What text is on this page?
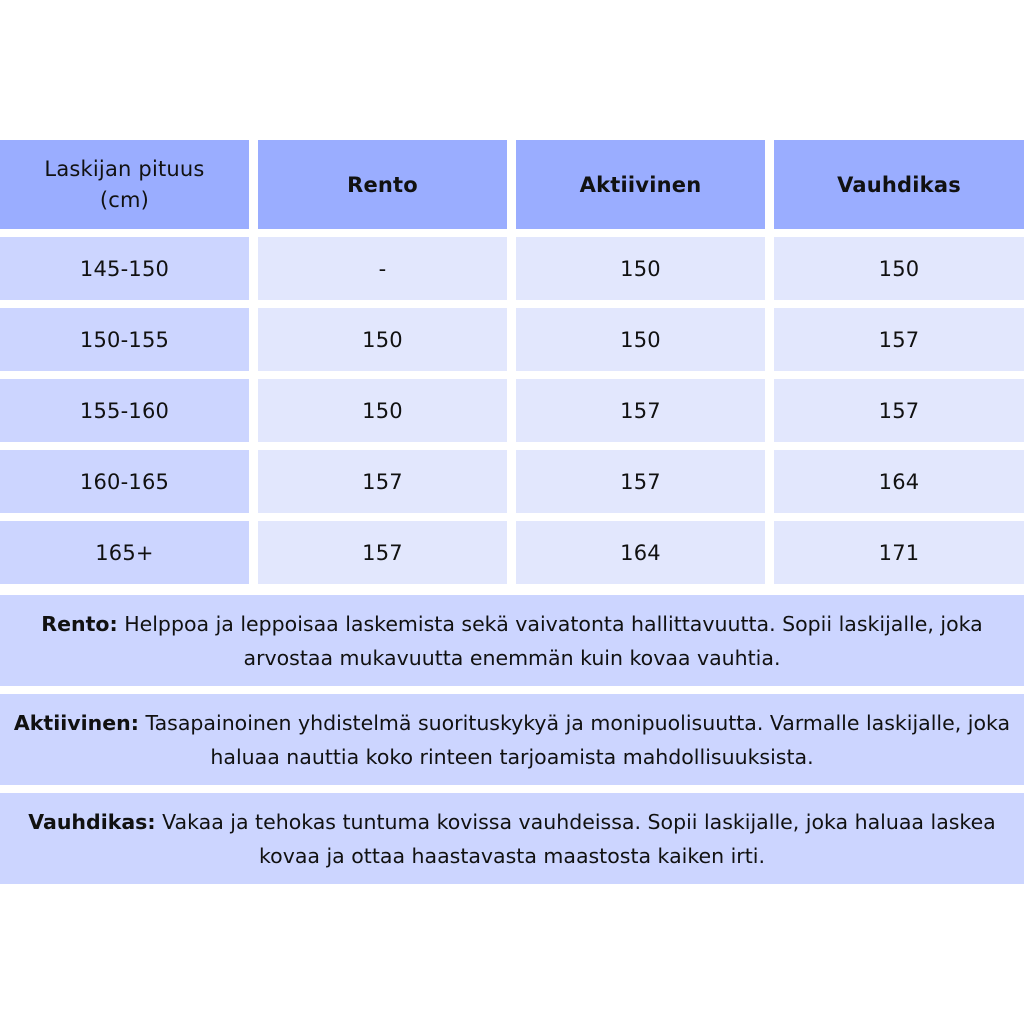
Laskijan pituus
(cm)
Rento	Aktiivinen	Vauhdikas
145-150	-	150	150
150-155	150	150	157
155-160	150	157	157
160-165	157	157	164
165+	157	164	171

Rento: Helppoa ja leppoisaa laskemista sekä vaivatonta hallittavuutta. Sopii laskijalle, joka arvostaa mukavuutta enemmän kuin kovaa vauhtia.

Aktiivinen: Tasapainoinen yhdistelmä suorituskykyä ja monipuolisuutta. Varmalle laskijalle, joka haluaa nauttia koko rinteen tarjoamista mahdollisuuksista.

Vauhdikas: Vakaa ja tehokas tuntuma kovissa vauhdeissa. Sopii laskijalle, joka haluaa laskea kovaa ja ottaa haastavasta maastosta kaiken irti.
